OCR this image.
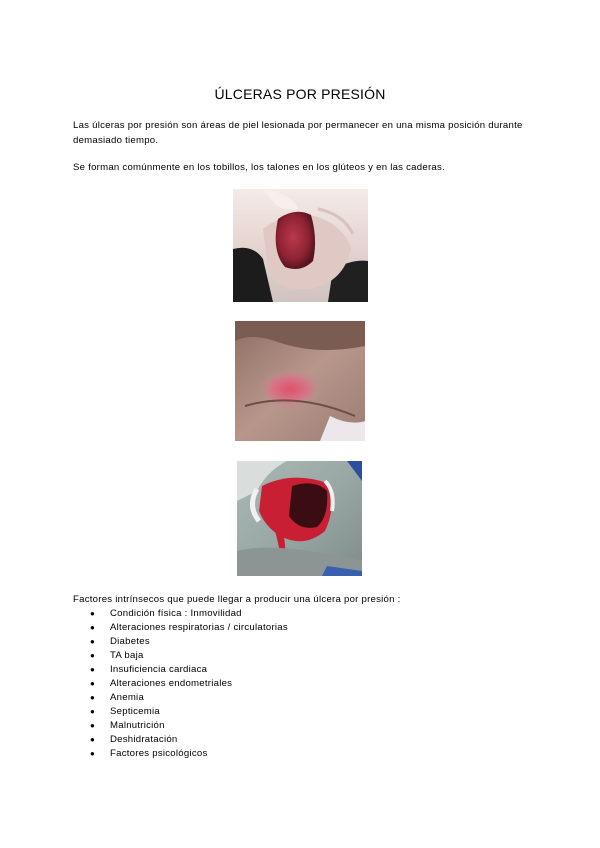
ÚLCERAS POR PRESIÓN
Las úlceras por presión son áreas de piel lesionada por permanecer en una misma posición durante demasiado tiempo.
Se forman comúnmente en los tobillos, los talones en los glúteos y en las caderas.
Factores intrínsecos que puede llegar a producir una úlcera por presión :
● Condición física : Inmovilidad
● Alteraciones respiratorias / circulatorias
● Diabetes
● TA baja
● Insuficiencia cardiaca
● Alteraciones endometriales
● Anemia
● Septicemia
● Malnutrición
● Deshidratación
● Factores psicológicos
